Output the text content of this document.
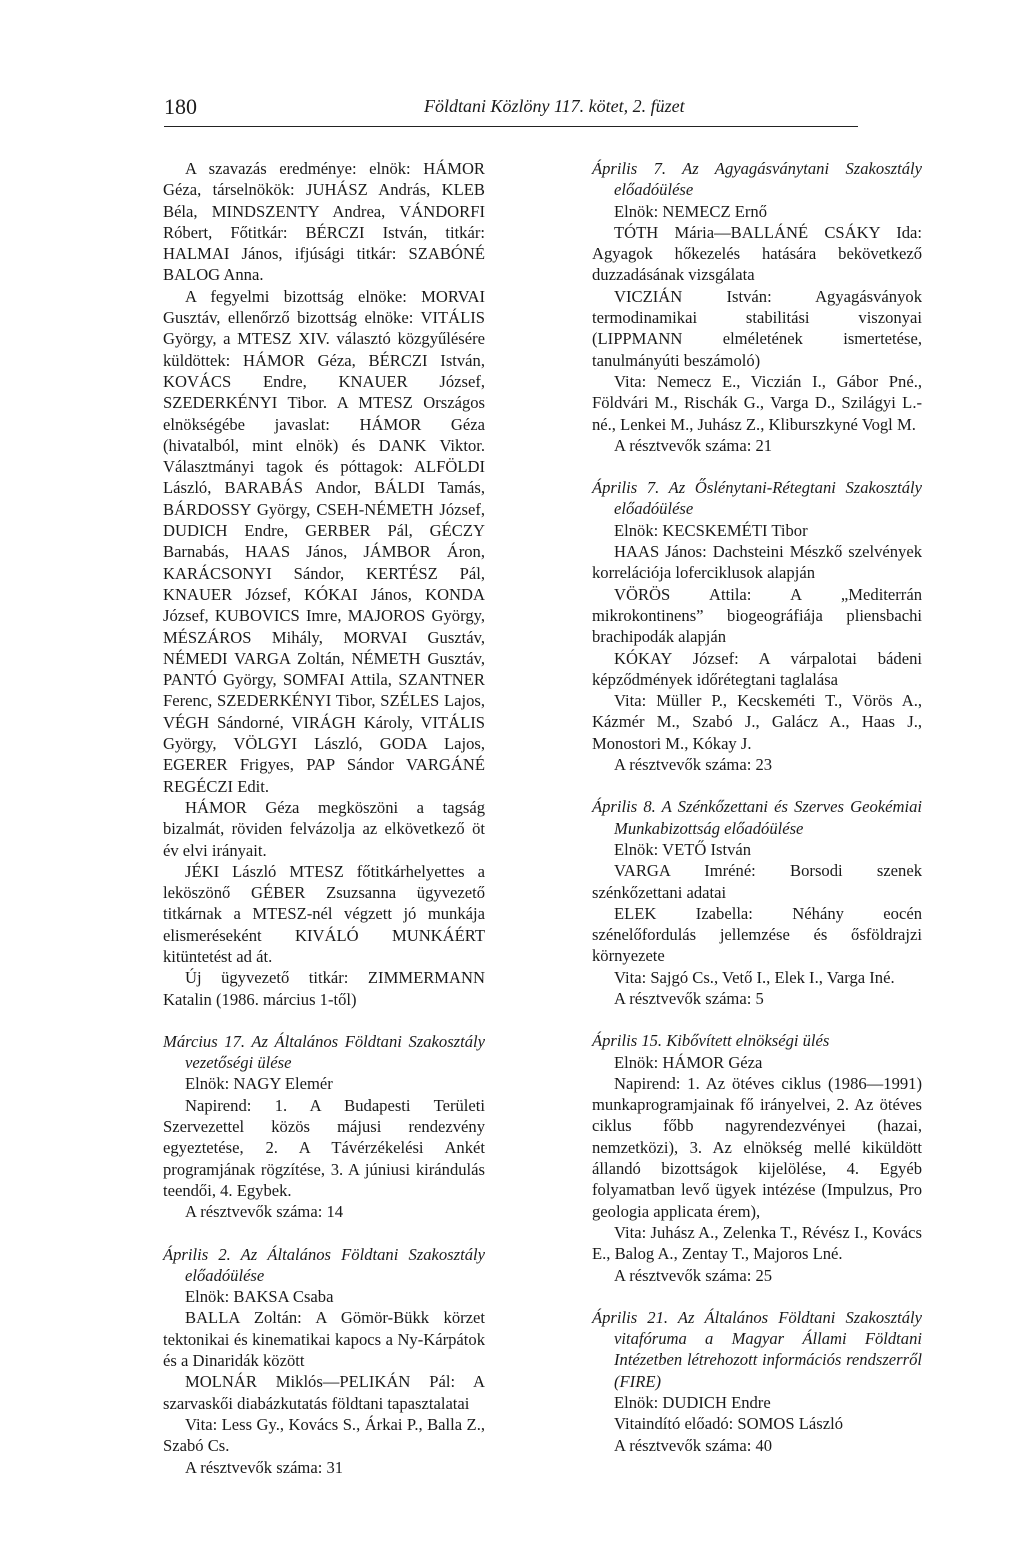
180	Földtani Közlöny 117. kötet, 2. füzet

A szavazás eredménye: elnök: HÁMOR Géza, társelnökök: JUHÁSZ András, KLEB Béla, MINDSZENTY Andrea, VÁNDORFI Róbert, Főtitkár: BÉRCZI István, titkár: HALMAI János, ifjúsági titkár: SZABÓNÉ BALOG Anna.

A fegyelmi bizottság elnöke: MORVAI Gusztáv, ellenőrző bizottság elnöke: VITÁLIS György, a MTESZ XIV. választó közgyűlésére küldöttek: HÁMOR Géza, BÉRCZI István, KOVÁCS Endre, KNAUER József, SZEDERKÉNYI Tibor. A MTESZ Országos elnökségébe javaslat: HÁMOR Géza (hivatalból, mint elnök) és DANK Viktor. Választmányi tagok és póttagok: ALFÖLDI László, BARABÁS Andor, BÁLDI Tamás, BÁRDOSSY György, CSEH-NÉMETH József, DUDICH Endre, GERBER Pál, GÉCZY Barnabás, HAAS János, JÁMBOR Áron, KARÁCSONYI Sándor, KERTÉSZ Pál, KNAUER József, KÓKAI János, KONDA József, KUBOVICS Imre, MAJOROS György, MÉSZÁROS Mihály, MORVAI Gusztáv, NÉMEDI VARGA Zoltán, NÉMETH Gusztáv, PANTÓ György, SOMFAI Attila, SZANTNER Ferenc, SZEDERKÉNYI Tibor, SZÉLES Lajos, VÉGH Sándorné, VIRÁGH Károly, VITÁLIS György, VÖLGYI László, GODA Lajos, EGERER Frigyes, PAP Sándor VARGÁNÉ REGÉCZI Edit.

HÁMOR Géza megköszöni a tagság bizalmát, röviden felvázolja az elkövetkező öt év elvi irányait.

JÉKI László MTESZ főtitkárhelyettes a leköszönő GÉBER Zsuzsanna ügyvezető titkárnak a MTESZ-nél végzett jó munkája elismeréseként KIVÁLÓ MUNKÁÉRT kitüntetést ad át.

Új ügyvezető titkár: ZIMMERMANN Katalin (1986. március 1-től)

Március 17. Az Általános Földtani Szakosztály vezetőségi ülése

Elnök: NAGY Elemér

Napirend: 1. A Budapesti Területi Szervezettel közös májusi rendezvény egyeztetése, 2. A Távérzékelési Ankét programjának rögzítése, 3. A júniusi kirándulás teendői, 4. Egybek.

A résztvevők száma: 14

Április 2. Az Általános Földtani Szakosztály előadóülése

Elnök: BAKSA Csaba

BALLA Zoltán: A Gömör-Bükk körzet tektonikai és kinematikai kapocs a Ny-Kárpátok és a Dinaridák között

MOLNÁR Miklós—PELIKÁN Pál: A szarvaskői diabázkutatás földtani tapasztalatai

Vita: Less Gy., Kovács S., Árkai P., Balla Z., Szabó Cs.

A résztvevők száma: 31

Április 7. Az Agyagásványtani Szakosztály előadóülése

Elnök: NEMECZ Ernő

TÓTH Mária—BALLÁNÉ CSÁKY Ida: Agyagok hőkezelés hatására bekövetkező duzzadásának vizsgálata

VICZIÁN István: Agyagásványok termodinamikai stabilitási viszonyai (LIPPMANN elméletének ismertetése, tanulmányúti beszámoló)

Vita: Nemecz E., Viczián I., Gábor Pné., Földvári M., Rischák G., Varga D., Szilágyi L.-né., Lenkei M., Juhász Z., Kliburszkyné Vogl M.

A résztvevők száma: 21

Április 7. Az Őslénytani-Rétegtani Szakosztály előadóülése

Elnök: KECSKEMÉTI Tibor

HAAS János: Dachsteini Mészkő szelvények korrelációja loferciklusok alapján

VÖRÖS Attila: A „Mediterrán mikrokontinens” biogeográfiája pliensbachi brachipodák alapján

KÓKAY József: A várpalotai bádeni képződmények időrétegtani taglalása

Vita: Müller P., Kecskeméti T., Vörös A., Kázmér M., Szabó J., Galácz A., Haas J., Monostori M., Kókay J.

A résztvevők száma: 23

Április 8. A Szénkőzettani és Szerves Geokémiai Munkabizottság előadóülése

Elnök: VETŐ István

VARGA Imréné: Borsodi szenek szénkőzettani adatai

ELEK Izabella: Néhány eocén szénelőfordulás jellemzése és ősföldrajzi környezete

Vita: Sajgó Cs., Vető I., Elek I., Varga Iné.

A résztvevők száma: 5

Április 15. Kibővített elnökségi ülés

Elnök: HÁMOR Géza

Napirend: 1. Az ötéves ciklus (1986—1991) munkaprogramjainak fő irányelvei, 2. Az ötéves ciklus főbb nagyrendezvényei (hazai, nemzetközi), 3. Az elnökség mellé kiküldött állandó bizottságok kijelölése, 4. Egyéb folyamatban levő ügyek intézése (Impulzus, Pro geologia applicata érem),

Vita: Juhász A., Zelenka T., Révész I., Kovács E., Balog A., Zentay T., Majoros Lné.

A résztvevők száma: 25

Április 21. Az Általános Földtani Szakosztály vitafóruma a Magyar Állami Földtani Intézetben létrehozott információs rendszerről (FIRE)

Elnök: DUDICH Endre

Vitaindító előadó: SOMOS László

A résztvevők száma: 40
